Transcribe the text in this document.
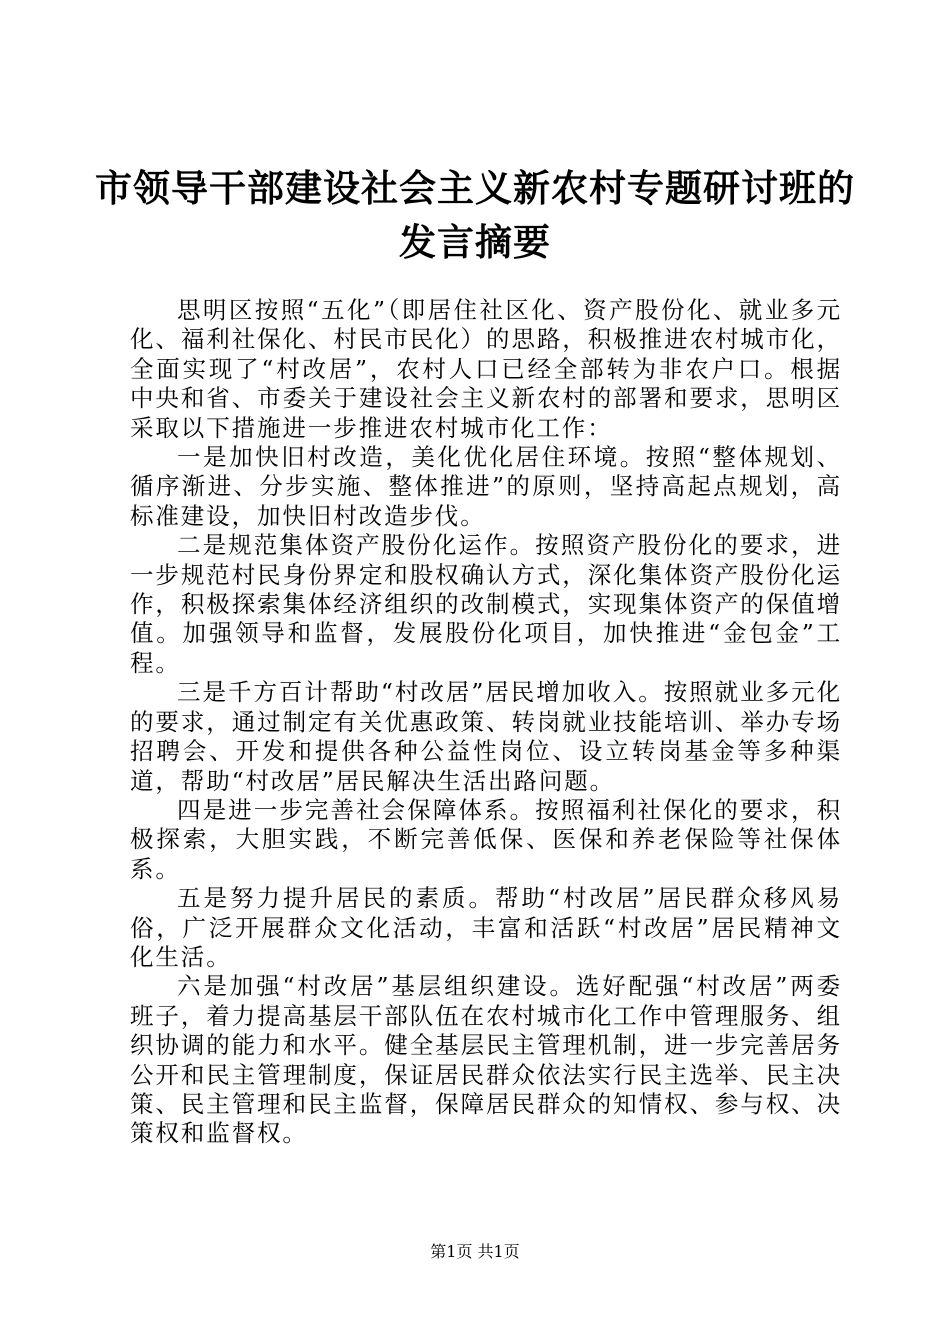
市领导干部建设社会主义新农村专题研讨班的
发言摘要

思明区按照“五化”（即居住社区化、资产股份化、就业多元化、福利社保化、村民市民化）的思路，积极推进农村城市化，全面实现了“村改居”，农村人口已经全部转为非农户口。根据中央和省、市委关于建设社会主义新农村的部署和要求，思明区采取以下措施进一步推进农村城市化工作：

一是加快旧村改造，美化优化居住环境。按照“整体规划、循序渐进、分步实施、整体推进”的原则，坚持高起点规划，高标准建设，加快旧村改造步伐。

二是规范集体资产股份化运作。按照资产股份化的要求，进一步规范村民身份界定和股权确认方式，深化集体资产股份化运作，积极探索集体经济组织的改制模式，实现集体资产的保值增值。加强领导和监督，发展股份化项目，加快推进“金包金”工程。

三是千方百计帮助“村改居”居民增加收入。按照就业多元化的要求，通过制定有关优惠政策、转岗就业技能培训、举办专场招聘会、开发和提供各种公益性岗位、设立转岗基金等多种渠道，帮助“村改居”居民解决生活出路问题。

四是进一步完善社会保障体系。按照福利社保化的要求，积极探索，大胆实践，不断完善低保、医保和养老保险等社保体系。

五是努力提升居民的素质。帮助“村改居”居民群众移风易俗，广泛开展群众文化活动，丰富和活跃“村改居”居民精神文化生活。

六是加强“村改居”基层组织建设。选好配强“村改居”两委班子，着力提高基层干部队伍在农村城市化工作中管理服务、组织协调的能力和水平。健全基层民主管理机制，进一步完善居务公开和民主管理制度，保证居民群众依法实行民主选举、民主决策、民主管理和民主监督，保障居民群众的知情权、参与权、决策权和监督权。

第1页 共1页
